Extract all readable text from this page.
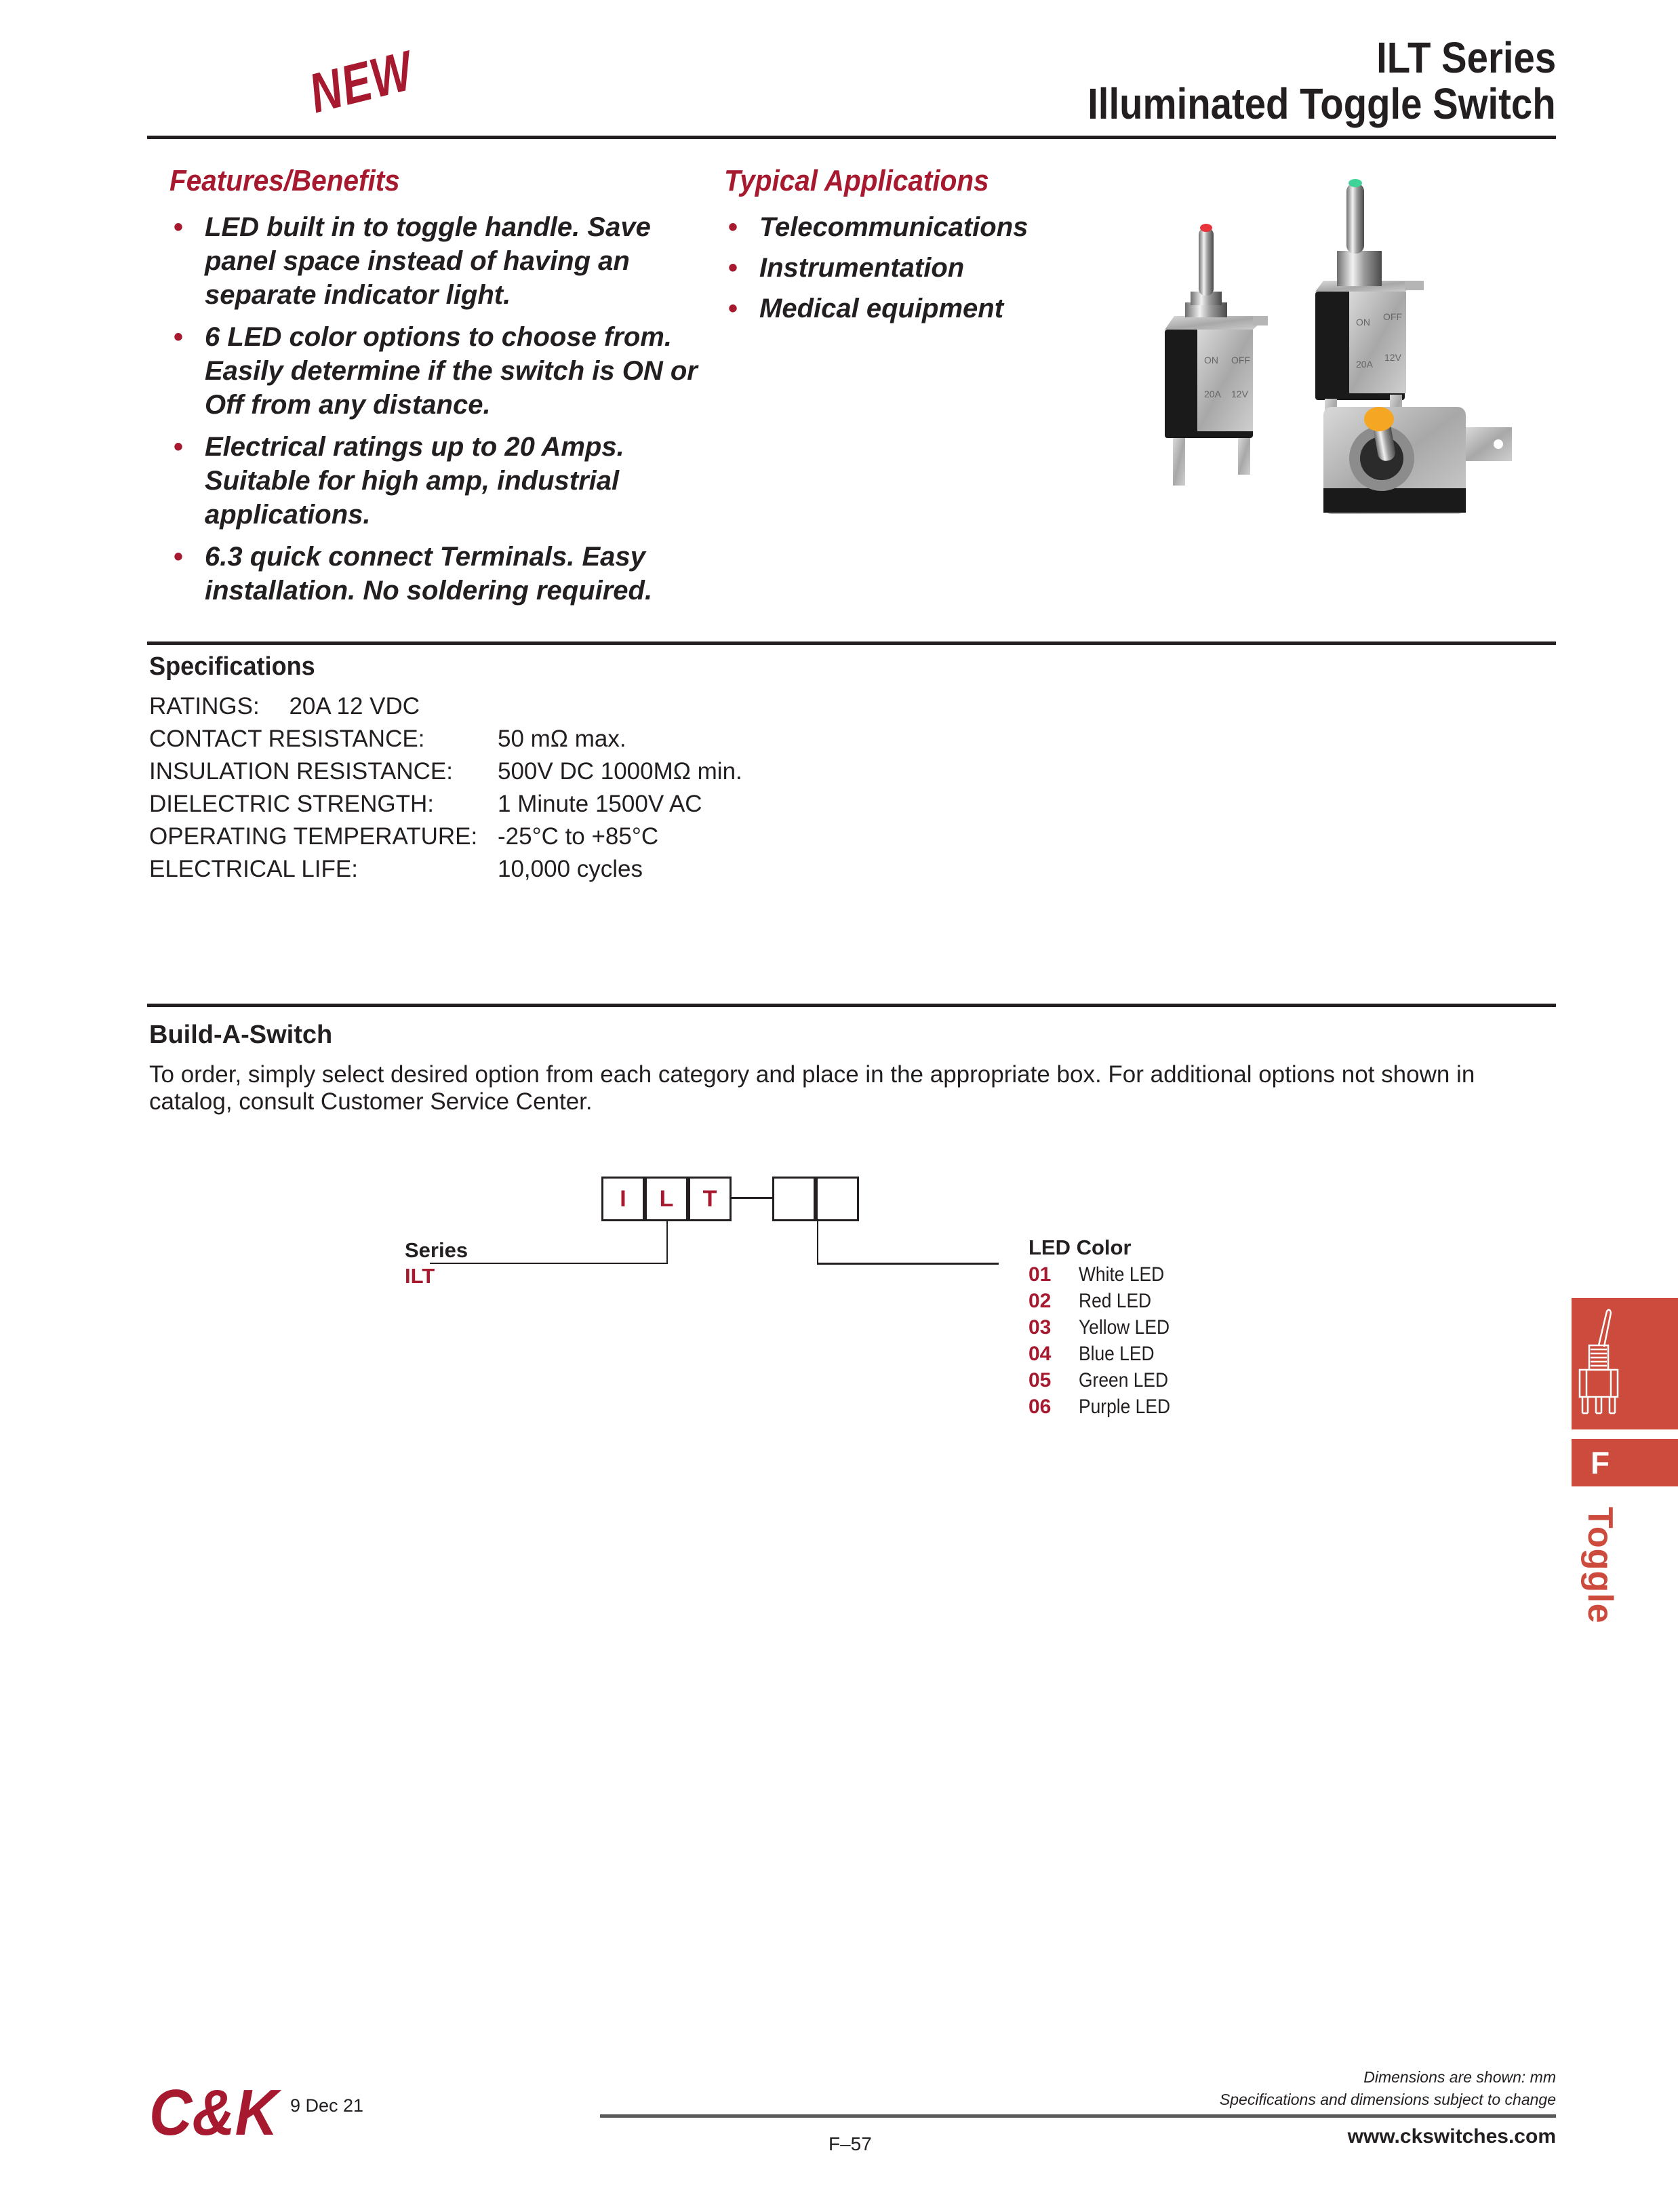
NEW	ILT Series
Illuminated Toggle Switch
Features/Benefits
• LED built in to toggle handle. Save panel space instead of having an separate indicator light.
• 6 LED color options to choose from. Easily determine if the switch is ON or Off from any distance.
• Electrical ratings up to 20 Amps. Suitable for high amp, industrial applications.
• 6.3 quick connect Terminals. Easy installation. No soldering required.
Typical Applications
• Telecommunications
• Instrumentation
• Medical equipment
ON OFF
20A 12V
ON OFF
20A
12V
Specifications
RATINGS: 20A 12 VDC
CONTACT RESISTANCE:	50 mΩ max.
INSULATION RESISTANCE: 500V DC 1000MΩ min.
DIELECTRIC STRENGTH:	1 Minute 1500V AC
OPERATING TEMPERATURE: -25°C to +85°C
ELECTRICAL LIFE:	10,000 cycles
Build-A-Switch
To order, simply select desired option from each category and place in the appropriate box. For additional options not shown in catalog, consult Customer Service Center.
I	L	T
Series
ILT
LED Color
01 White LED
02 Red LED
03 Yellow LED
04 Blue LED
05 Green LED
06 Purple LED
F
Toggle
C&K 9 Dec 21
Dimensions are shown: mm
Specifications and dimensions subject to change
F–57	www.ckswitches.com
